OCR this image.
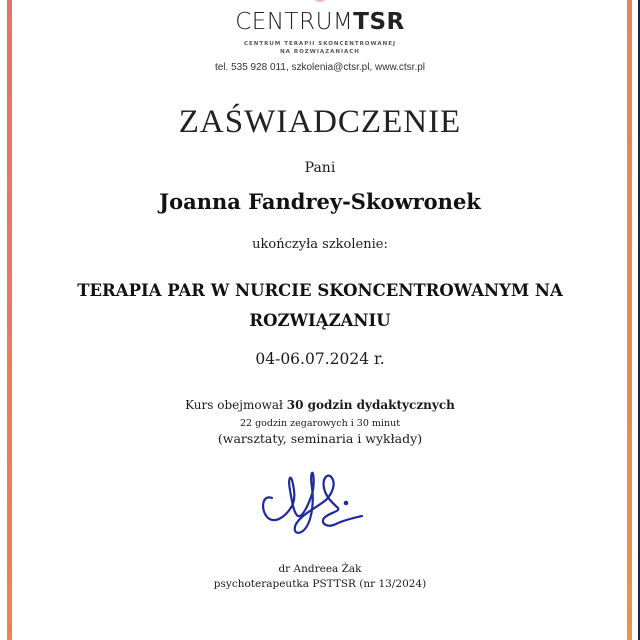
CENTRUMTSR
CENTRUM TERAPII SKONCENTROWANEJ
NA ROZWIĄZANIACH
tel. 535 928 011, szkolenia@ctsr.pl, www.ctsr.pl
ZAŚWIADCZENIE
Pani
Joanna Fandrey-Skowronek
ukończyła szkolenie:
TERAPIA PAR W NURCIE SKONCENTROWANYM NA
ROZWIĄZANIU
04-06.07.2024 r.
Kurs obejmował 30 godzin dydaktycznych
22 godzin zegarowych i 30 minut
(warsztaty, seminaria i wykłady)
dr Andreea Żak
psychoterapeutka PSTTSR (nr 13/2024)
